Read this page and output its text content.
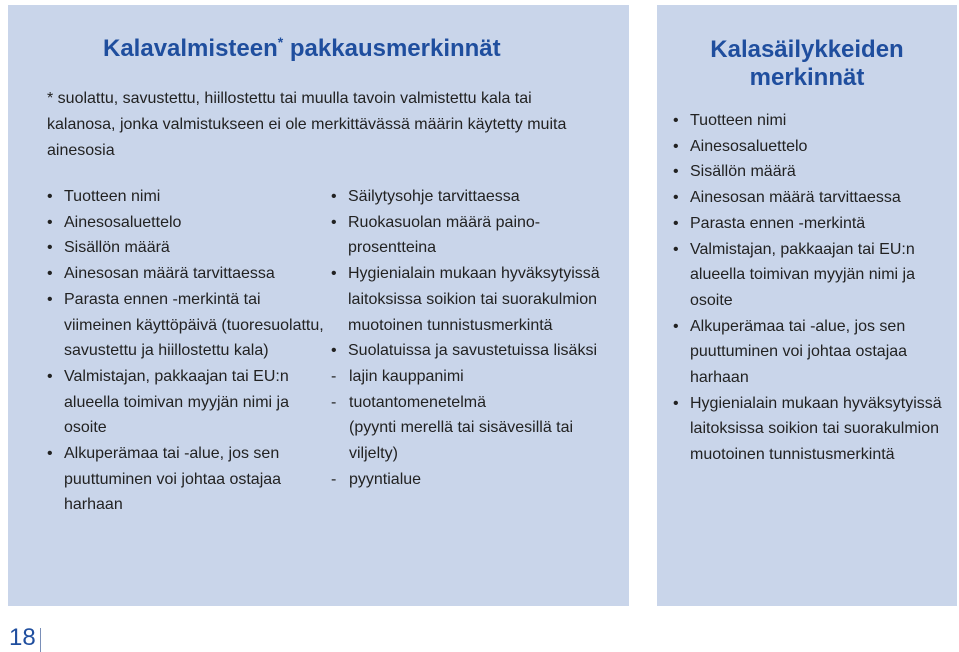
Kalavalmisteen* pakkausmerkinnät	Kalasäilykkeiden merkinnät
* suolattu, savustettu, hiillostettu tai muulla tavoin valmistettu kala tai kalanosa, jonka valmistukseen ei ole merkittävässä määrin käytetty muita ainesosia
• Tuotteen nimi
• Ainesosaluettelo
• Sisällön määrä
• Ainesosan määrä tarvittaessa
• Parasta ennen -merkintä tai viimeinen käyttöpäivä (tuoresuolattu, savustettu ja hiillostettu kala)
• Valmistajan, pakkaajan tai EU:n alueella toimivan myyjän nimi ja osoite
• Alkuperämaa tai -alue, jos sen puuttuminen voi johtaa ostajaa harhaan
• Säilytysohje tarvittaessa
• Ruokasuolan määrä paino-prosentteina
• Hygienialain mukaan hyväksytyissä laitoksissa soikion tai suorakulmion muotoinen tunnistusmerkintä
• Suolatuissa ja savustetuissa lisäksi
- lajin kauppanimi
- tuotantomenetelmä
(pyynti merellä tai sisävesillä tai viljelty)
- pyyntialue
• Tuotteen nimi
• Ainesosaluettelo
• Sisällön määrä
• Ainesosan määrä tarvittaessa
• Parasta ennen -merkintä
• Valmistajan, pakkaajan tai EU:n alueella toimivan myyjän nimi ja osoite
• Alkuperämaa tai -alue, jos sen puuttuminen voi johtaa ostajaa harhaan
• Hygienialain mukaan hyväksytyissä laitoksissa soikion tai suorakulmion muotoinen tunnistusmerkintä
18
